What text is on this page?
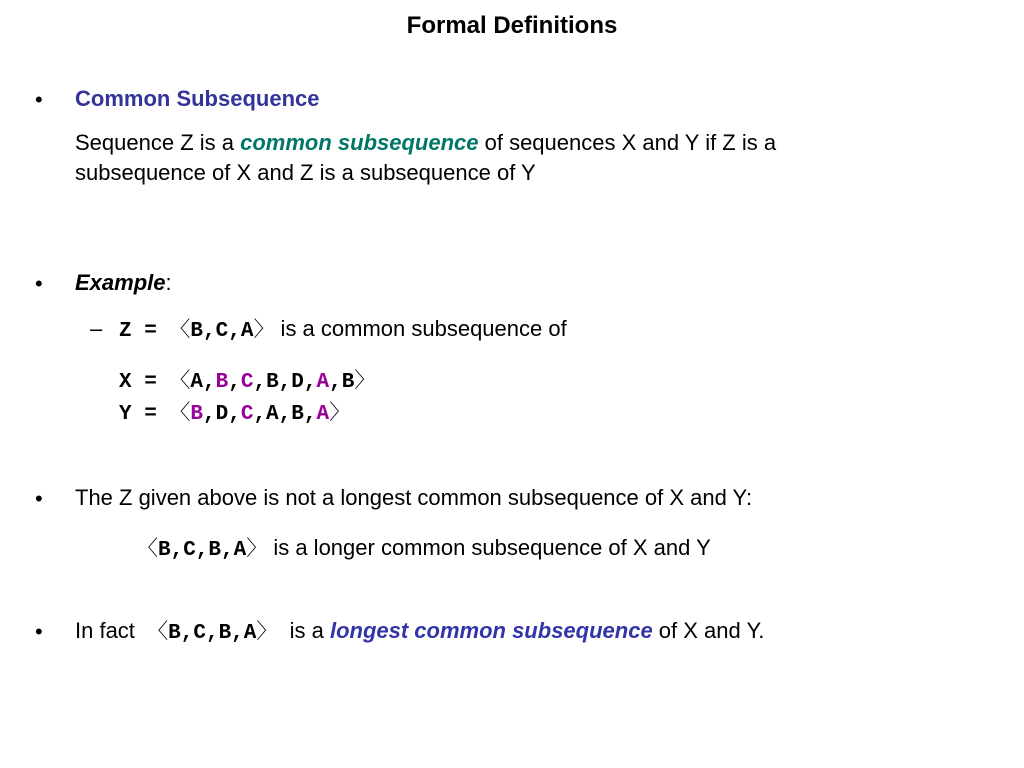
Formal Definitions
• Common Subsequence
Sequence Z is a common subsequence of sequences X and Y if Z is a
subsequence of X and Z is a subsequence of Y
• Example:
– Z = 〈B,C,A〉 is a common subsequence of
X = 〈A,B,C,B,D,A,B〉
Y = 〈B,D,C,A,B,A〉
• The Z given above is not a longest common subsequence of X and Y:
〈B,C,B,A〉 is a longer common subsequence of X and Y
• In fact  〈B,C,B,A〉  is a longest common subsequence of X and Y.
